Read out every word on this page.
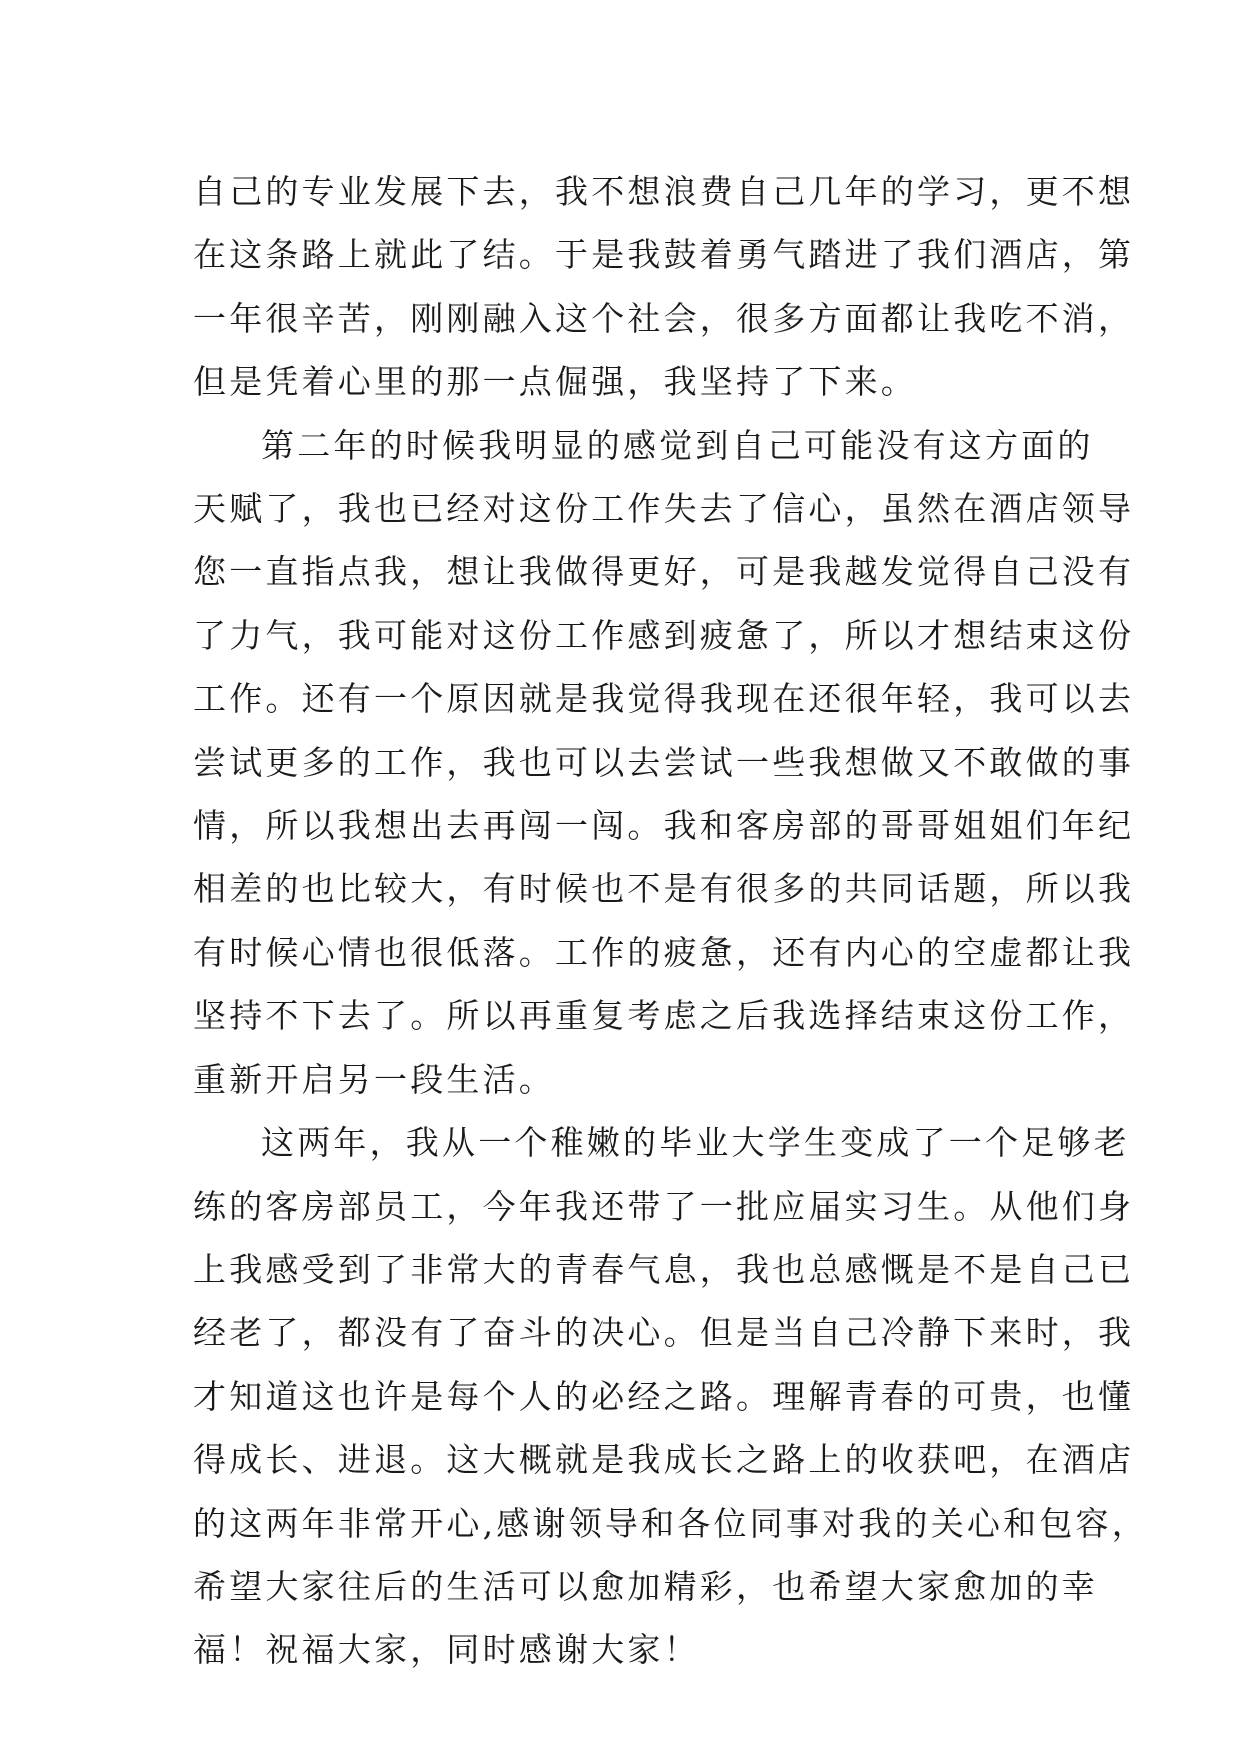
自己的专业发展下去，我不想浪费自己几年的学习，更不想
在这条路上就此了结。于是我鼓着勇气踏进了我们酒店，第
一年很辛苦，刚刚融入这个社会，很多方面都让我吃不消，
但是凭着心里的那一点倔强，我坚持了下来。

第二年的时候我明显的感觉到自己可能没有这方面的
天赋了，我也已经对这份工作失去了信心，虽然在酒店领导
您一直指点我，想让我做得更好，可是我越发觉得自己没有
了力气，我可能对这份工作感到疲惫了，所以才想结束这份
工作。还有一个原因就是我觉得我现在还很年轻，我可以去
尝试更多的工作，我也可以去尝试一些我想做又不敢做的事
情，所以我想出去再闯一闯。我和客房部的哥哥姐姐们年纪
相差的也比较大，有时候也不是有很多的共同话题，所以我
有时候心情也很低落。工作的疲惫，还有内心的空虚都让我
坚持不下去了。所以再重复考虑之后我选择结束这份工作，
重新开启另一段生活。

这两年，我从一个稚嫩的毕业大学生变成了一个足够老
练的客房部员工，今年我还带了一批应届实习生。从他们身
上我感受到了非常大的青春气息，我也总感慨是不是自己已
经老了，都没有了奋斗的决心。但是当自己冷静下来时，我
才知道这也许是每个人的必经之路。理解青春的可贵，也懂
得成长、进退。这大概就是我成长之路上的收获吧，在酒店
的这两年非常开心,感谢领导和各位同事对我的关心和包容，
希望大家往后的生活可以愈加精彩，也希望大家愈加的幸
福！祝福大家，同时感谢大家！
